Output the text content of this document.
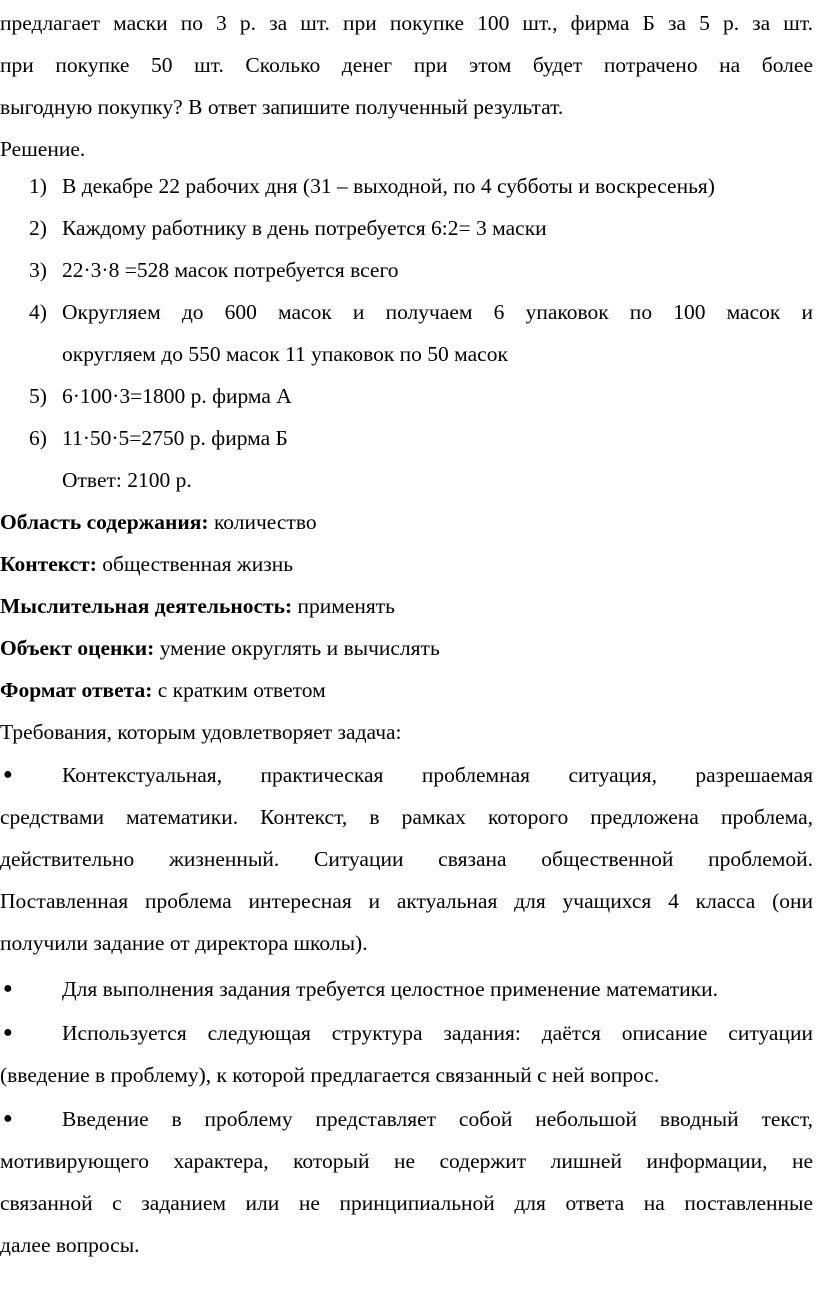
предлагает маски по 3 р. за шт. при покупке 100 шт., фирма Б за 5 р. за шт.
при покупке 50 шт. Сколько денег при этом будет потрачено на более
выгодную покупку? В ответ запишите полученный результат.
Решение.
1) В декабре 22 рабочих дня (31 – выходной, по 4 субботы и воскресенья)
2) Каждому работнику в день потребуется 6:2= 3 маски
3) 22·3·8 =528 масок потребуется всего
4) Округляем до 600 масок и получаем 6 упаковок по 100 масок и
округляем до 550 масок 11 упаковок по 50 масок
5) 6·100·3=1800 р. фирма А
6) 11·50·5=2750 р. фирма Б
Ответ: 2100 р.
Область содержания: количество
Контекст: общественная жизнь
Мыслительная деятельность: применять
Объект оценки: умение округлять и вычислять
Формат ответа: с кратким ответом
Требования, которым удовлетворяет задача:
● Контекстуальная, практическая проблемная ситуация, разрешаемая
средствами математики. Контекст, в рамках которого предложена проблема,
действительно жизненный. Ситуации связана общественной проблемой.
Поставленная проблема интересная и актуальная для учащихся 4 класса (они
получили задание от директора школы).
● Для выполнения задания требуется целостное применение математики.
● Используется следующая структура задания: даётся описание ситуации
(введение в проблему), к которой предлагается связанный с ней вопрос.
● Введение в проблему представляет собой небольшой вводный текст,
мотивирующего характера, который не содержит лишней информации, не
связанной с заданием или не принципиальной для ответа на поставленные
далее вопросы.
